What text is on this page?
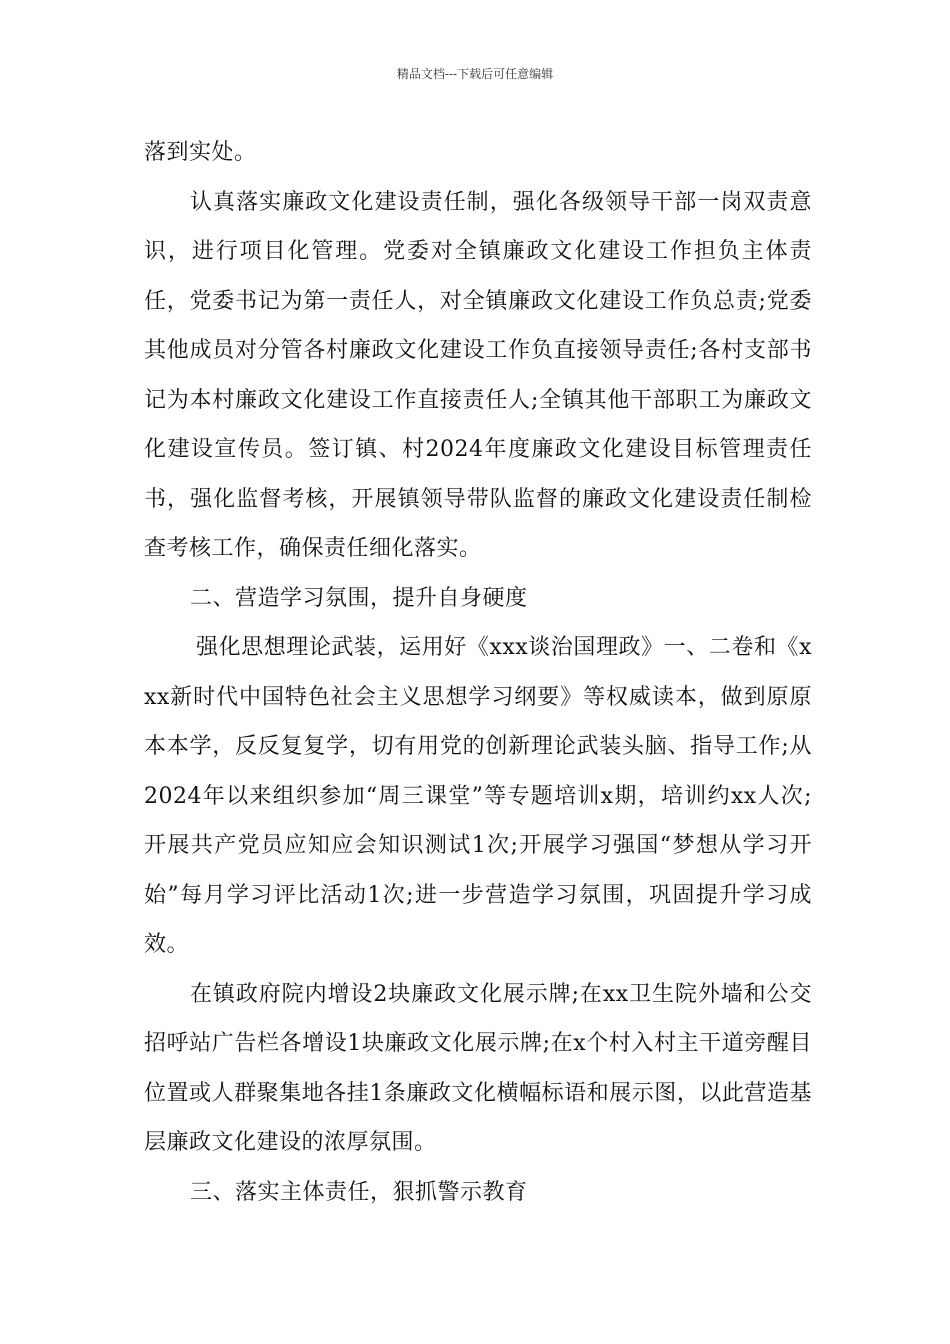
精品文档---下载后可任意编辑

落到实处。

认真落实廉政文化建设责任制，强化各级领导干部一岗双责意识，进行项目化管理。党委对全镇廉政文化建设工作担负主体责任，党委书记为第一责任人，对全镇廉政文化建设工作负总责;党委其他成员对分管各村廉政文化建设工作负直接领导责任;各村支部书记为本村廉政文化建设工作直接责任人;全镇其他干部职工为廉政文化建设宣传员。签订镇、村2024年度廉政文化建设目标管理责任书，强化监督考核，开展镇领导带队监督的廉政文化建设责任制检查考核工作，确保责任细化落实。

二、营造学习氛围，提升自身硬度

强化思想理论武装，运用好《xxx谈治国理政》一、二卷和《xxx新时代中国特色社会主义思想学习纲要》等权威读本，做到原原本本学，反反复复学，切有用党的创新理论武装头脑、指导工作;从2024年以来组织参加“周三课堂”等专题培训x期，培训约xx人次;开展共产党员应知应会知识测试1次;开展学习强国“梦想从学习开始”每月学习评比活动1次;进一步营造学习氛围，巩固提升学习成效。

在镇政府院内增设2块廉政文化展示牌;在xx卫生院外墙和公交招呼站广告栏各增设1块廉政文化展示牌;在x个村入村主干道旁醒目位置或人群聚集地各挂1条廉政文化横幅标语和展示图，以此营造基层廉政文化建设的浓厚氛围。

三、落实主体责任，狠抓警示教育
